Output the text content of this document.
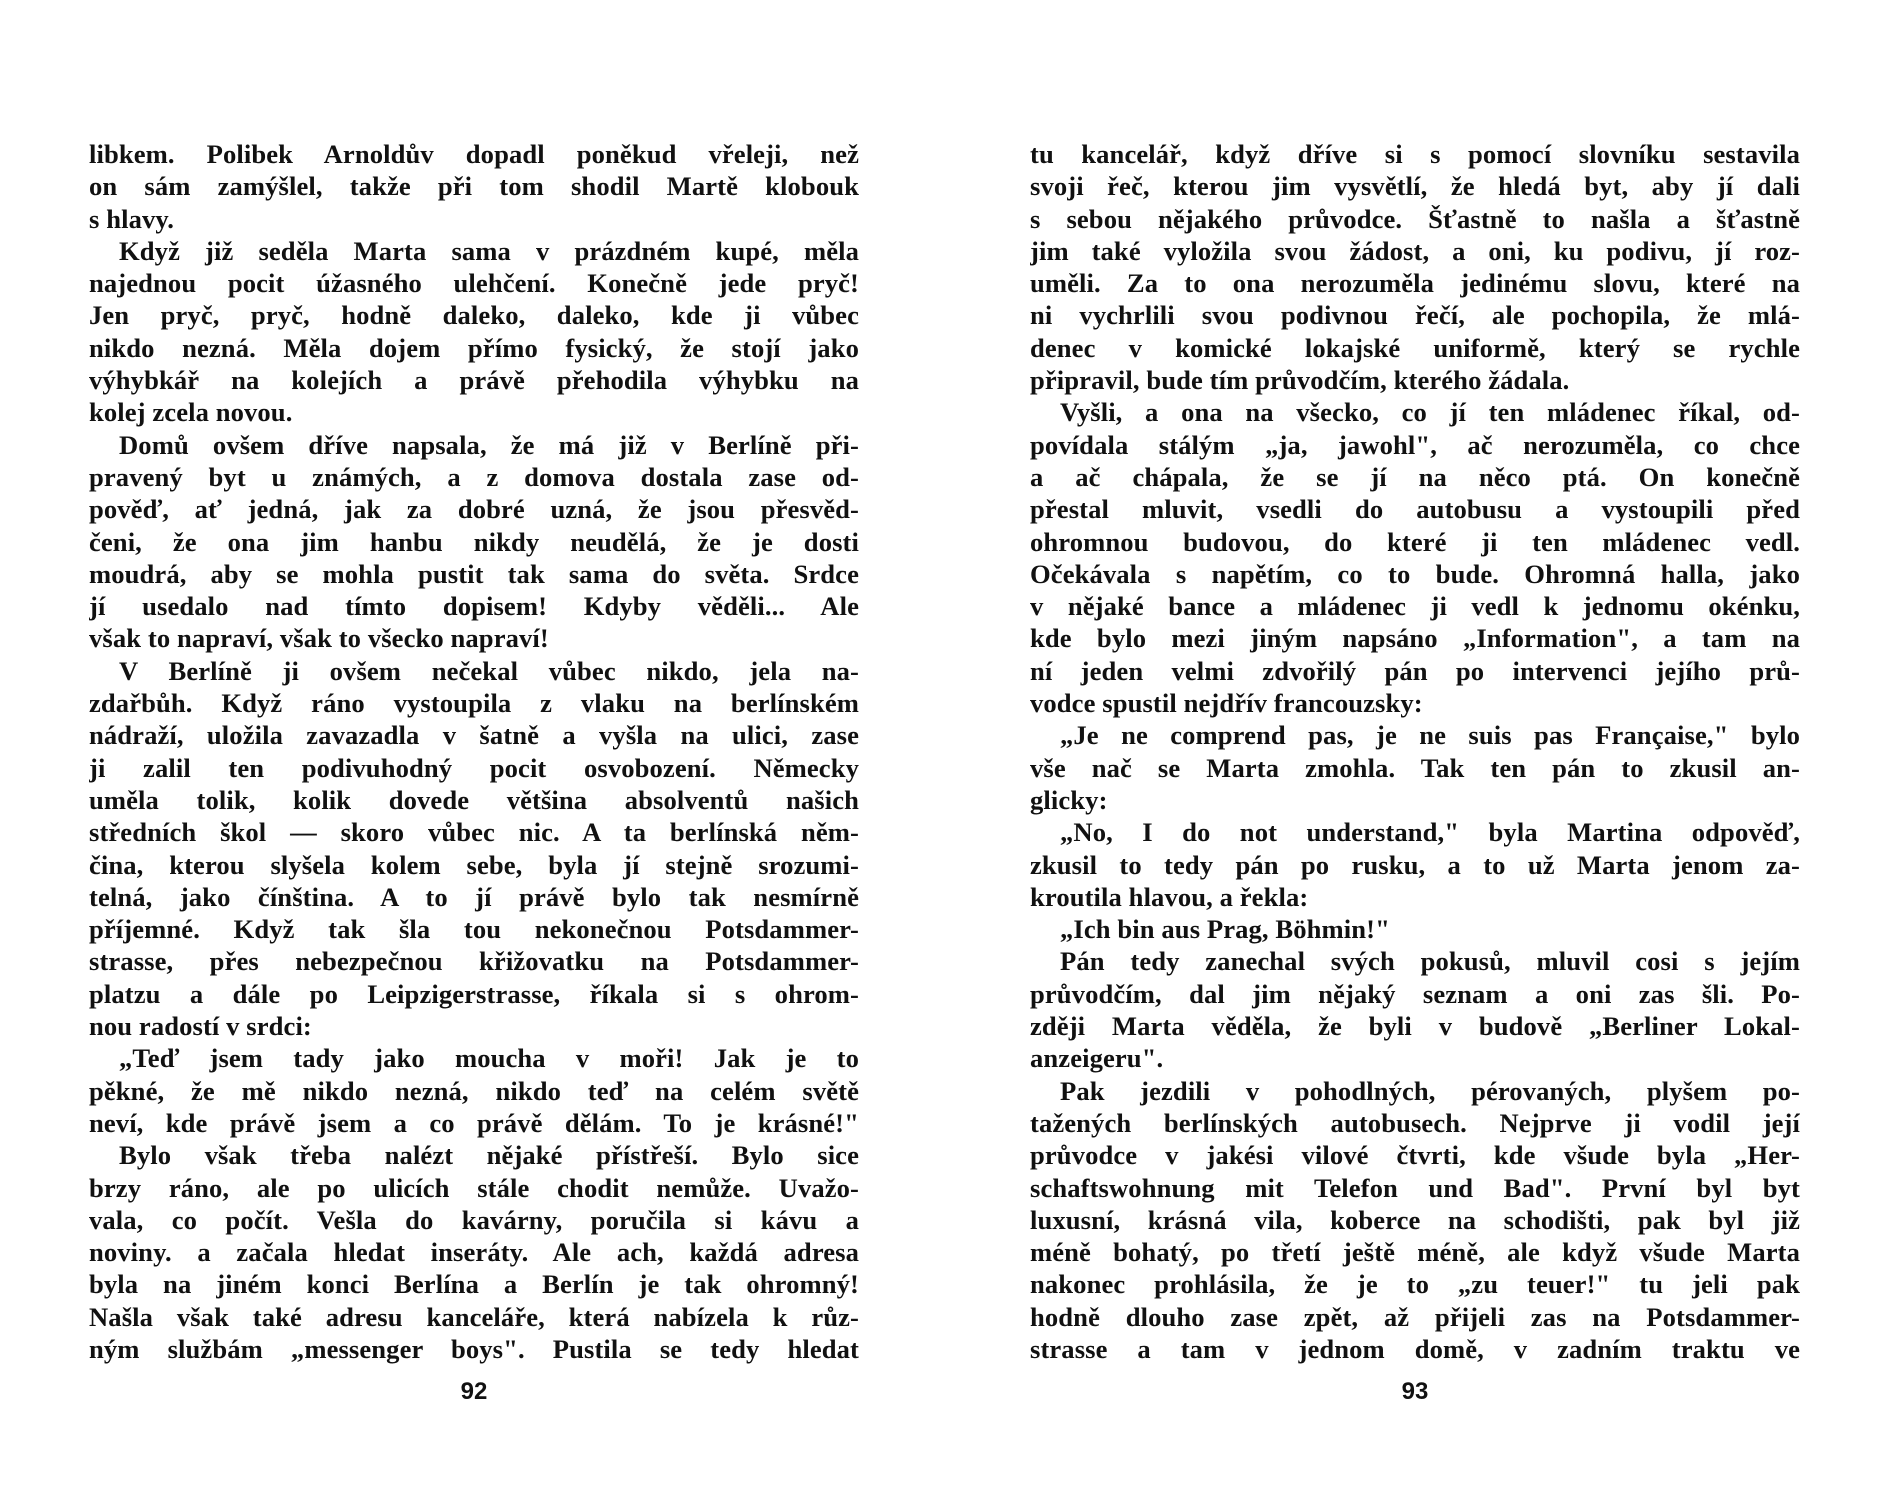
libkem. Polibek Arnoldův dopadl poněkud vřeleji, než

on sám zamýšlel, takže při tom shodil Martě klobouk

s hlavy.

Když již seděla Marta sama v prázdném kupé, měla

najednou pocit úžasného ulehčení. Konečně jede pryč!

Jen pryč, pryč, hodně daleko, daleko, kde ji vůbec

nikdo nezná. Měla dojem přímo fysický, že stojí jako

výhybkář na kolejích a právě přehodila výhybku na

kolej zcela novou.

Domů ovšem dříve napsala, že má již v Berlíně při-

pravený byt u známých, a z domova dostala zase od-

pověď, ať jedná, jak za dobré uzná, že jsou přesvěd-

čeni, že ona jim hanbu nikdy neudělá, že je dosti

moudrá, aby se mohla pustit tak sama do světa. Srdce

jí usedalo nad tímto dopisem! Kdyby věděli... Ale

však to napraví, však to všecko napraví!

V Berlíně ji ovšem nečekal vůbec nikdo, jela na-

zdařbůh. Když ráno vystoupila z vlaku na berlínském

nádraží, uložila zavazadla v šatně a vyšla na ulici, zase

ji zalil ten podivuhodný pocit osvobození. Německy

uměla tolik, kolik dovede většina absolventů našich

středních škol — skoro vůbec nic. A ta berlínská něm-

čina, kterou slyšela kolem sebe, byla jí stejně srozumi-

telná, jako čínština. A to jí právě bylo tak nesmírně

příjemné. Když tak šla tou nekonečnou Potsdammer-

strasse, přes nebezpečnou křižovatku na Potsdammer-

platzu a dále po Leipzigerstrasse, říkala si s ohrom-

nou radostí v srdci:

„Teď jsem tady jako moucha v moři! Jak je to

pěkné, že mě nikdo nezná, nikdo teď na celém světě

neví, kde právě jsem a co právě dělám. To je krásné!"

Bylo však třeba nalézt nějaké přístřeší. Bylo sice

brzy ráno, ale po ulicích stále chodit nemůže. Uvažo-

vala, co počít. Vešla do kavárny, poručila si kávu a

noviny. a začala hledat inseráty. Ale ach, každá adresa

byla na jiném konci Berlína a Berlín je tak ohromný!

Našla však také adresu kanceláře, která nabízela k růz-

ným službám „messenger boys". Pustila se tedy hledat

92

tu kancelář, když dříve si s pomocí slovníku sestavila

svoji řeč, kterou jim vysvětlí, že hledá byt, aby jí dali

s sebou nějakého průvodce. Šťastně to našla a šťastně

jim také vyložila svou žádost, a oni, ku podivu, jí roz-

uměli. Za to ona nerozuměla jedinému slovu, které na

ni vychrlili svou podivnou řečí, ale pochopila, že mlá-

denec v komické lokajské uniformě, který se rychle

připravil, bude tím průvodčím, kterého žádala.

Vyšli, a ona na všecko, co jí ten mládenec říkal, od-

povídala stálým „ja, jawohl", ač nerozuměla, co chce

a ač chápala, že se jí na něco ptá. On konečně

přestal mluvit, vsedli do autobusu a vystoupili před

ohromnou budovou, do které ji ten mládenec vedl.

Očekávala s napětím, co to bude. Ohromná halla, jako

v nějaké bance a mládenec ji vedl k jednomu okénku,

kde bylo mezi jiným napsáno „Information", a tam na

ní jeden velmi zdvořilý pán po intervenci jejího prů-

vodce spustil nejdřív francouzsky:

„Je ne comprend pas, je ne suis pas Française," bylo

vše nač se Marta zmohla. Tak ten pán to zkusil an-

glicky:

„No, I do not understand," byla Martina odpověď,

zkusil to tedy pán po rusku, a to už Marta jenom za-

kroutila hlavou, a řekla:

„Ich bin aus Prag, Böhmin!"

Pán tedy zanechal svých pokusů, mluvil cosi s jejím

průvodčím, dal jim nějaký seznam a oni zas šli. Po-

zději Marta věděla, že byli v budově „Berliner Lokal-

anzeigeru".

Pak jezdili v pohodlných, pérovaných, plyšem po-

tažených berlínských autobusech. Nejprve ji vodil její

průvodce v jakési vilové čtvrti, kde všude byla „Her-

schaftswohnung mit Telefon und Bad". První byl byt

luxusní, krásná vila, koberce na schodišti, pak byl již

méně bohatý, po třetí ještě méně, ale když všude Marta

nakonec prohlásila, že je to „zu teuer!" tu jeli pak

hodně dlouho zase zpět, až přijeli zas na Potsdammer-

strasse a tam v jednom domě, v zadním traktu ve

93
